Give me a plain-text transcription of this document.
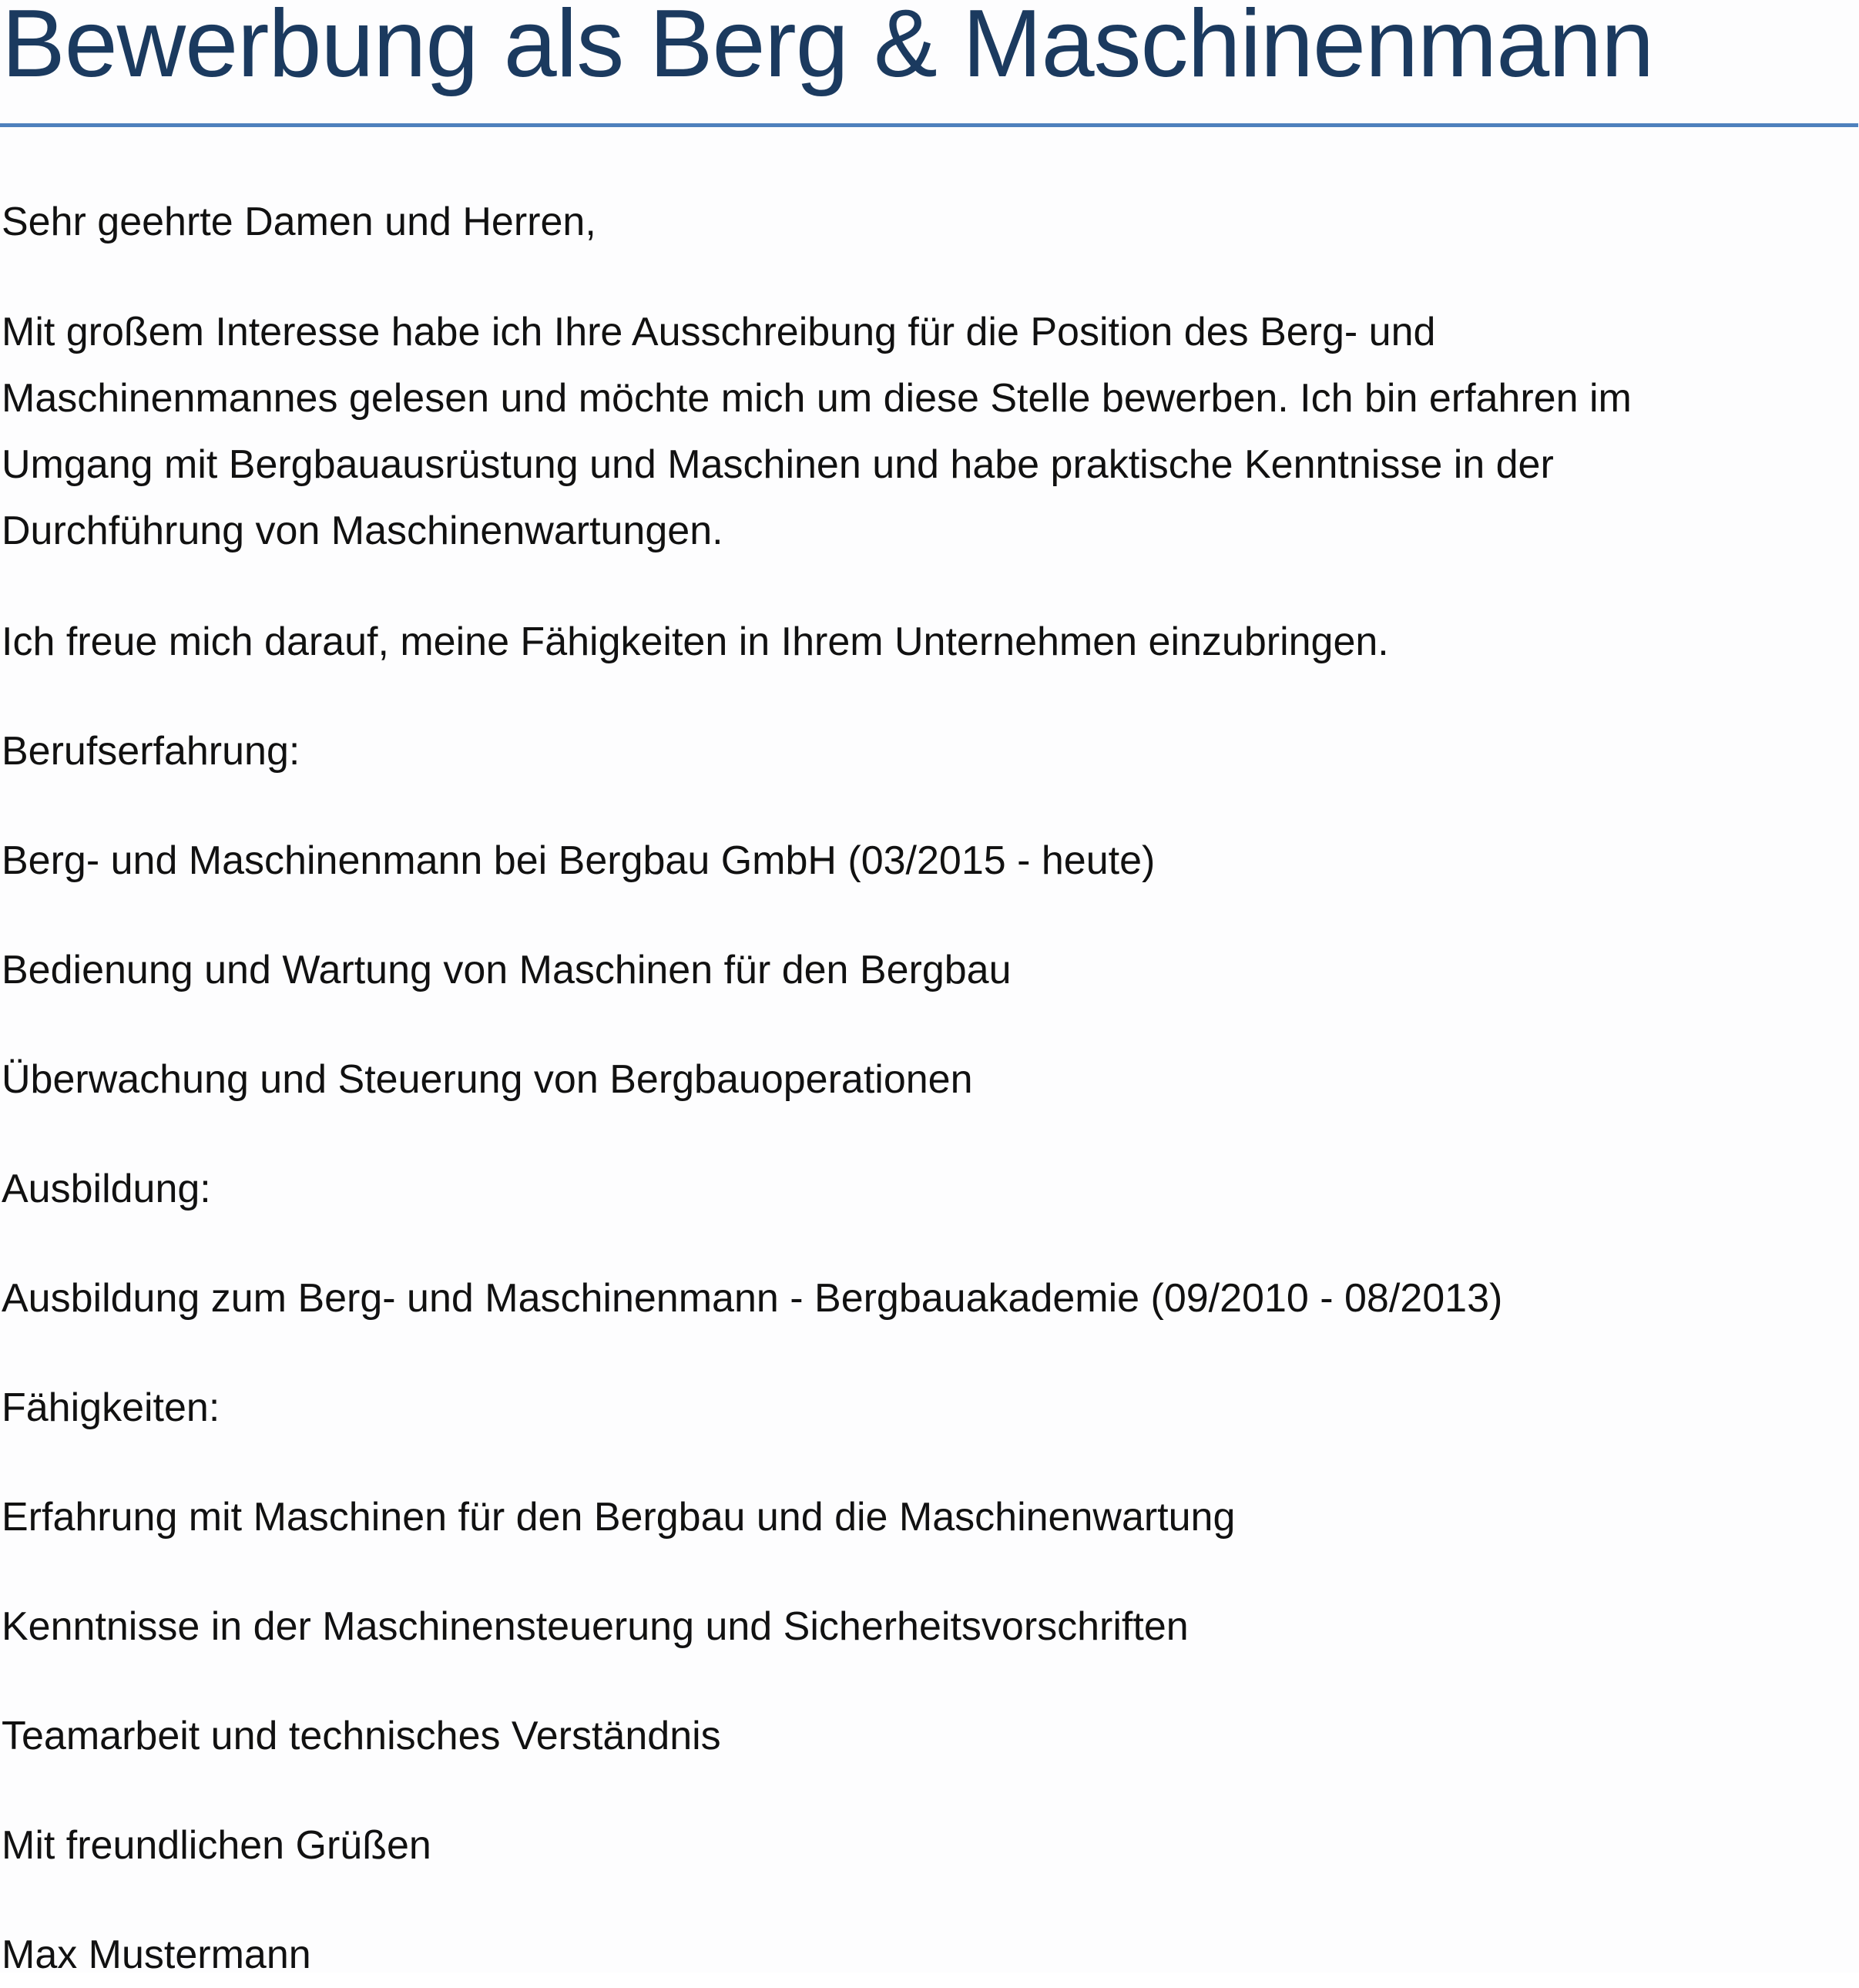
Bewerbung als Berg & Maschinenmann

Sehr geehrte Damen und Herren,

Mit großem Interesse habe ich Ihre Ausschreibung für die Position des Berg- und
Maschinenmannes gelesen und möchte mich um diese Stelle bewerben. Ich bin erfahren im
Umgang mit Bergbauausrüstung und Maschinen und habe praktische Kenntnisse in der
Durchführung von Maschinenwartungen.

Ich freue mich darauf, meine Fähigkeiten in Ihrem Unternehmen einzubringen.

Berufserfahrung:

Berg- und Maschinenmann bei Bergbau GmbH (03/2015 - heute)

Bedienung und Wartung von Maschinen für den Bergbau

Überwachung und Steuerung von Bergbauoperationen

Ausbildung:

Ausbildung zum Berg- und Maschinenmann - Bergbauakademie (09/2010 - 08/2013)

Fähigkeiten:

Erfahrung mit Maschinen für den Bergbau und die Maschinenwartung

Kenntnisse in der Maschinensteuerung und Sicherheitsvorschriften

Teamarbeit und technisches Verständnis

Mit freundlichen Grüßen

Max Mustermann
